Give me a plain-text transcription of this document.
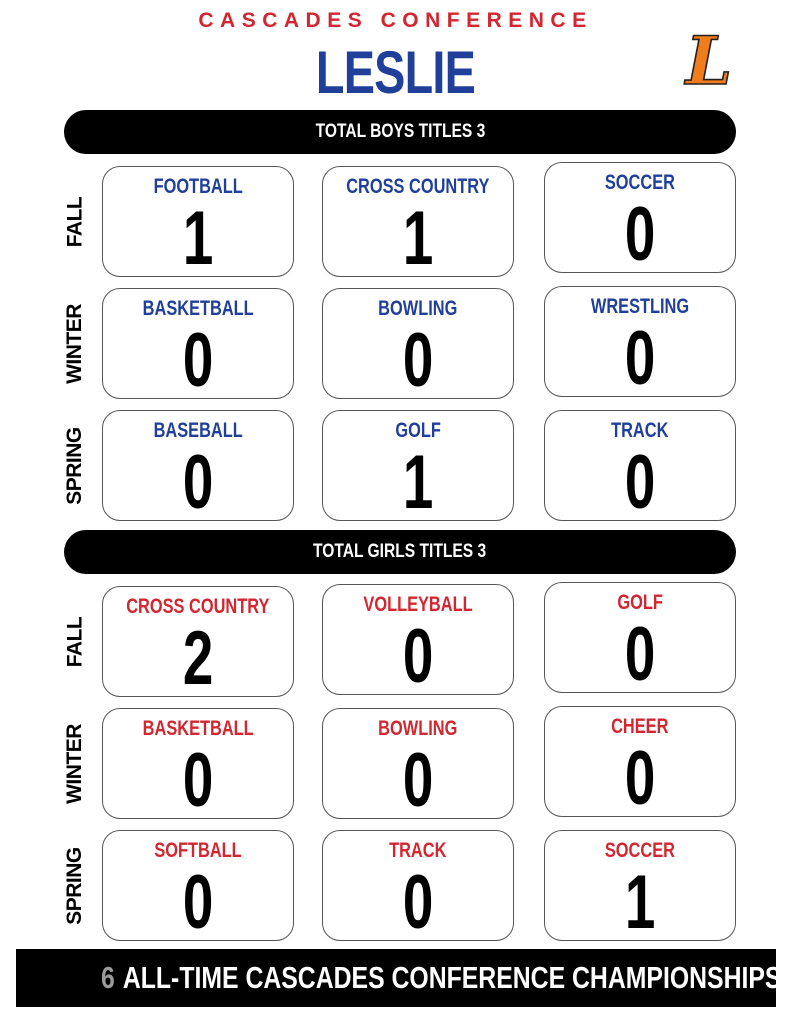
CASCADES CONFERENCE
LESLIE	L
TOTAL BOYS TITLES 3
FALL
WINTER
SPRING
FOOTBALL
1
CROSS COUNTRY
1
SOCCER
0
BASKETBALL
0
BOWLING
0
WRESTLING
0
BASEBALL
0
GOLF
1
TRACK
0
TOTAL GIRLS TITLES 3
FALL
WINTER
SPRING
CROSS COUNTRY
2
VOLLEYBALL
0
GOLF
0
BASKETBALL
0
BOWLING
0
CHEER
0
SOFTBALL
0
TRACK
0
SOCCER
1
6 ALL-TIME CASCADES CONFERENCE CHAMPIONSHIPS
